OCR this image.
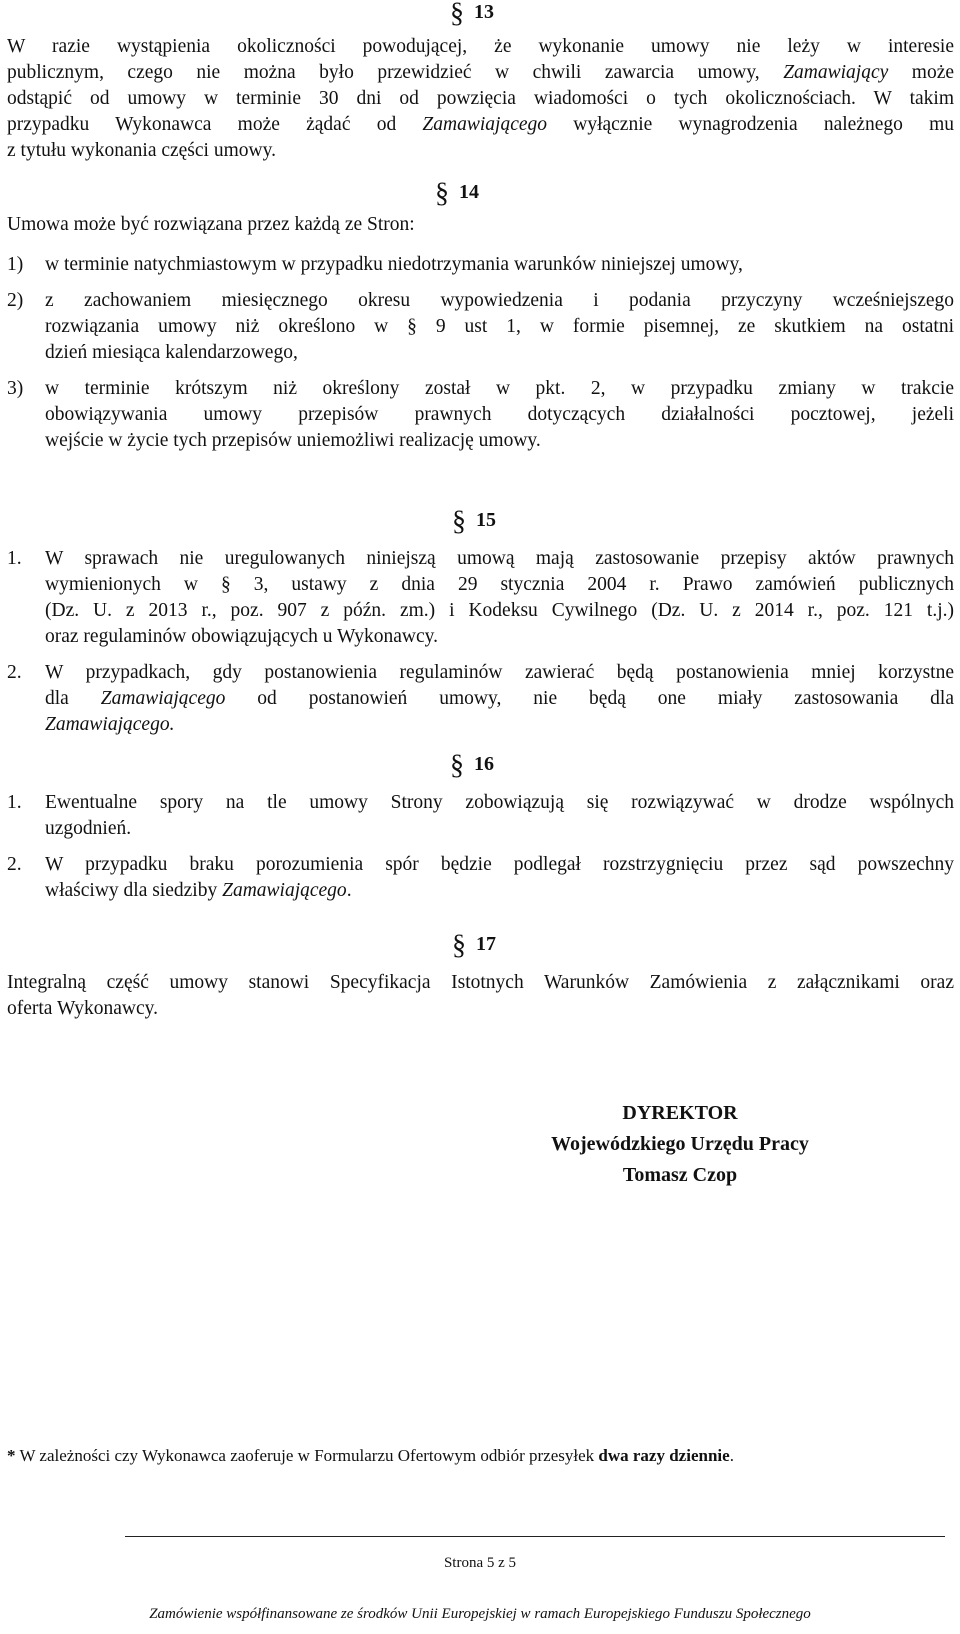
§ 13
W razie wystąpienia okoliczności powodującej, że wykonanie umowy nie leży w interesie
publicznym, czego nie można było przewidzieć w chwili zawarcia umowy, Zamawiający może
odstąpić od umowy w terminie 30 dni od powzięcia wiadomości o tych okolicznościach. W takim
przypadku Wykonawca może żądać od Zamawiającego wyłącznie wynagrodzenia należnego mu
z tytułu wykonania części umowy.
§ 14
Umowa może być rozwiązana przez każdą ze Stron:
1) w terminie natychmiastowym w przypadku niedotrzymania warunków niniejszej umowy,
2) z zachowaniem miesięcznego okresu wypowiedzenia i podania przyczyny wcześniejszego
rozwiązania umowy niż określono w § 9 ust 1, w formie pisemnej, ze skutkiem na ostatni
dzień miesiąca kalendarzowego,
3) w terminie krótszym niż określony został w pkt. 2, w przypadku zmiany w trakcie
obowiązywania umowy przepisów prawnych dotyczących działalności pocztowej, jeżeli
wejście w życie tych przepisów uniemożliwi realizację umowy.
§ 15
1. W sprawach nie uregulowanych niniejszą umową mają zastosowanie przepisy aktów prawnych
wymienionych w § 3, ustawy z dnia 29 stycznia 2004 r. Prawo zamówień publicznych
(Dz. U. z 2013 r., poz. 907 z późn. zm.) i Kodeksu Cywilnego (Dz. U. z 2014 r., poz. 121 t.j.)
oraz regulaminów obowiązujących u Wykonawcy.
2. W przypadkach, gdy postanowienia regulaminów zawierać będą postanowienia mniej korzystne
dla Zamawiającego od postanowień umowy, nie będą one miały zastosowania dla
Zamawiającego.
§ 16
1. Ewentualne spory na tle umowy Strony zobowiązują się rozwiązywać w drodze wspólnych
uzgodnień.
2. W przypadku braku porozumienia spór będzie podlegał rozstrzygnięciu przez sąd powszechny
właściwy dla siedziby Zamawiającego.
§ 17
Integralną część umowy stanowi Specyfikacja Istotnych Warunków Zamówienia z załącznikami oraz
oferta Wykonawcy.
DYREKTOR
Wojewódzkiego Urzędu Pracy
Tomasz Czop
* W zależności czy Wykonawca zaoferuje w Formularzu Ofertowym odbiór przesyłek dwa razy dziennie.
Strona 5 z 5
Zamówienie współfinansowane ze środków Unii Europejskiej w ramach Europejskiego Funduszu Społecznego
